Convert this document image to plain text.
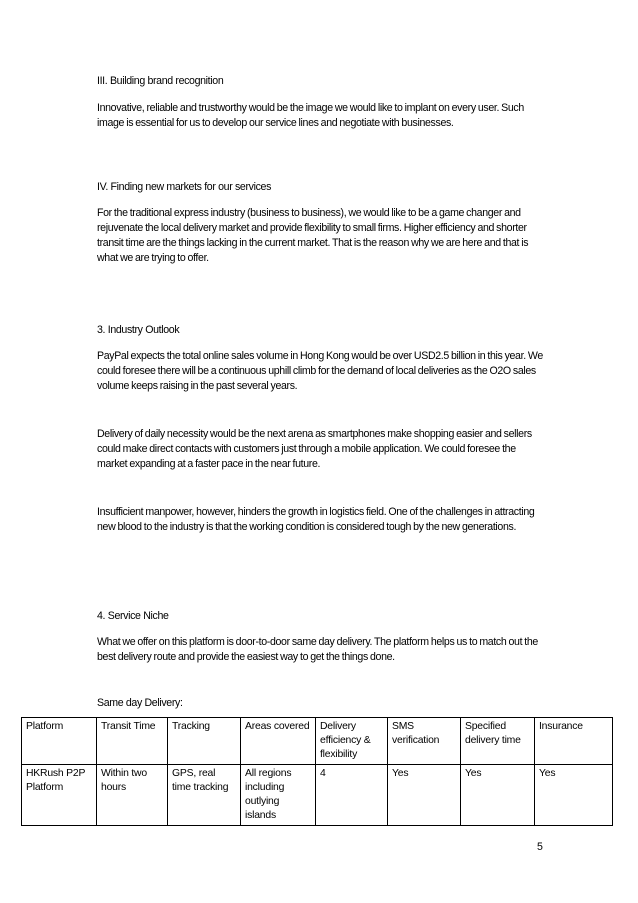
III. Building brand recognition

Innovative, reliable and trustworthy would be the image we would like to implant on every user. Such image is essential for us to develop our service lines and negotiate with businesses.

IV. Finding new markets for our services

For the traditional express industry (business to business), we would like to be a game changer and rejuvenate the local delivery market and provide flexibility to small firms. Higher efficiency and shorter transit time are the things lacking in the current market. That is the reason why we are here and that is what we are trying to offer.

3. Industry Outlook

PayPal expects the total online sales volume in Hong Kong would be over USD2.5 billion in this year. We could foresee there will be a continuous uphill climb for the demand of local deliveries as the O2O sales volume keeps raising in the past several years.

Delivery of daily necessity would be the next arena as smartphones make shopping easier and sellers could make direct contacts with customers just through a mobile application. We could foresee the market expanding at a faster pace in the near future.

Insufficient manpower, however, hinders the growth in logistics field. One of the challenges in attracting new blood to the industry is that the working condition is considered tough by the new generations.

4. Service Niche

What we offer on this platform is door-to-door same day delivery. The platform helps us to match out the best delivery route and provide the easiest way to get the things done.

Same day Delivery:

Platform	Transit Time	Tracking	Areas covered	Delivery efficiency & flexibility	SMS verification	Specified delivery time	Insurance
HKRush P2P Platform	Within two hours	GPS, real time tracking	All regions including outlying islands	4	Yes	Yes	Yes
5
